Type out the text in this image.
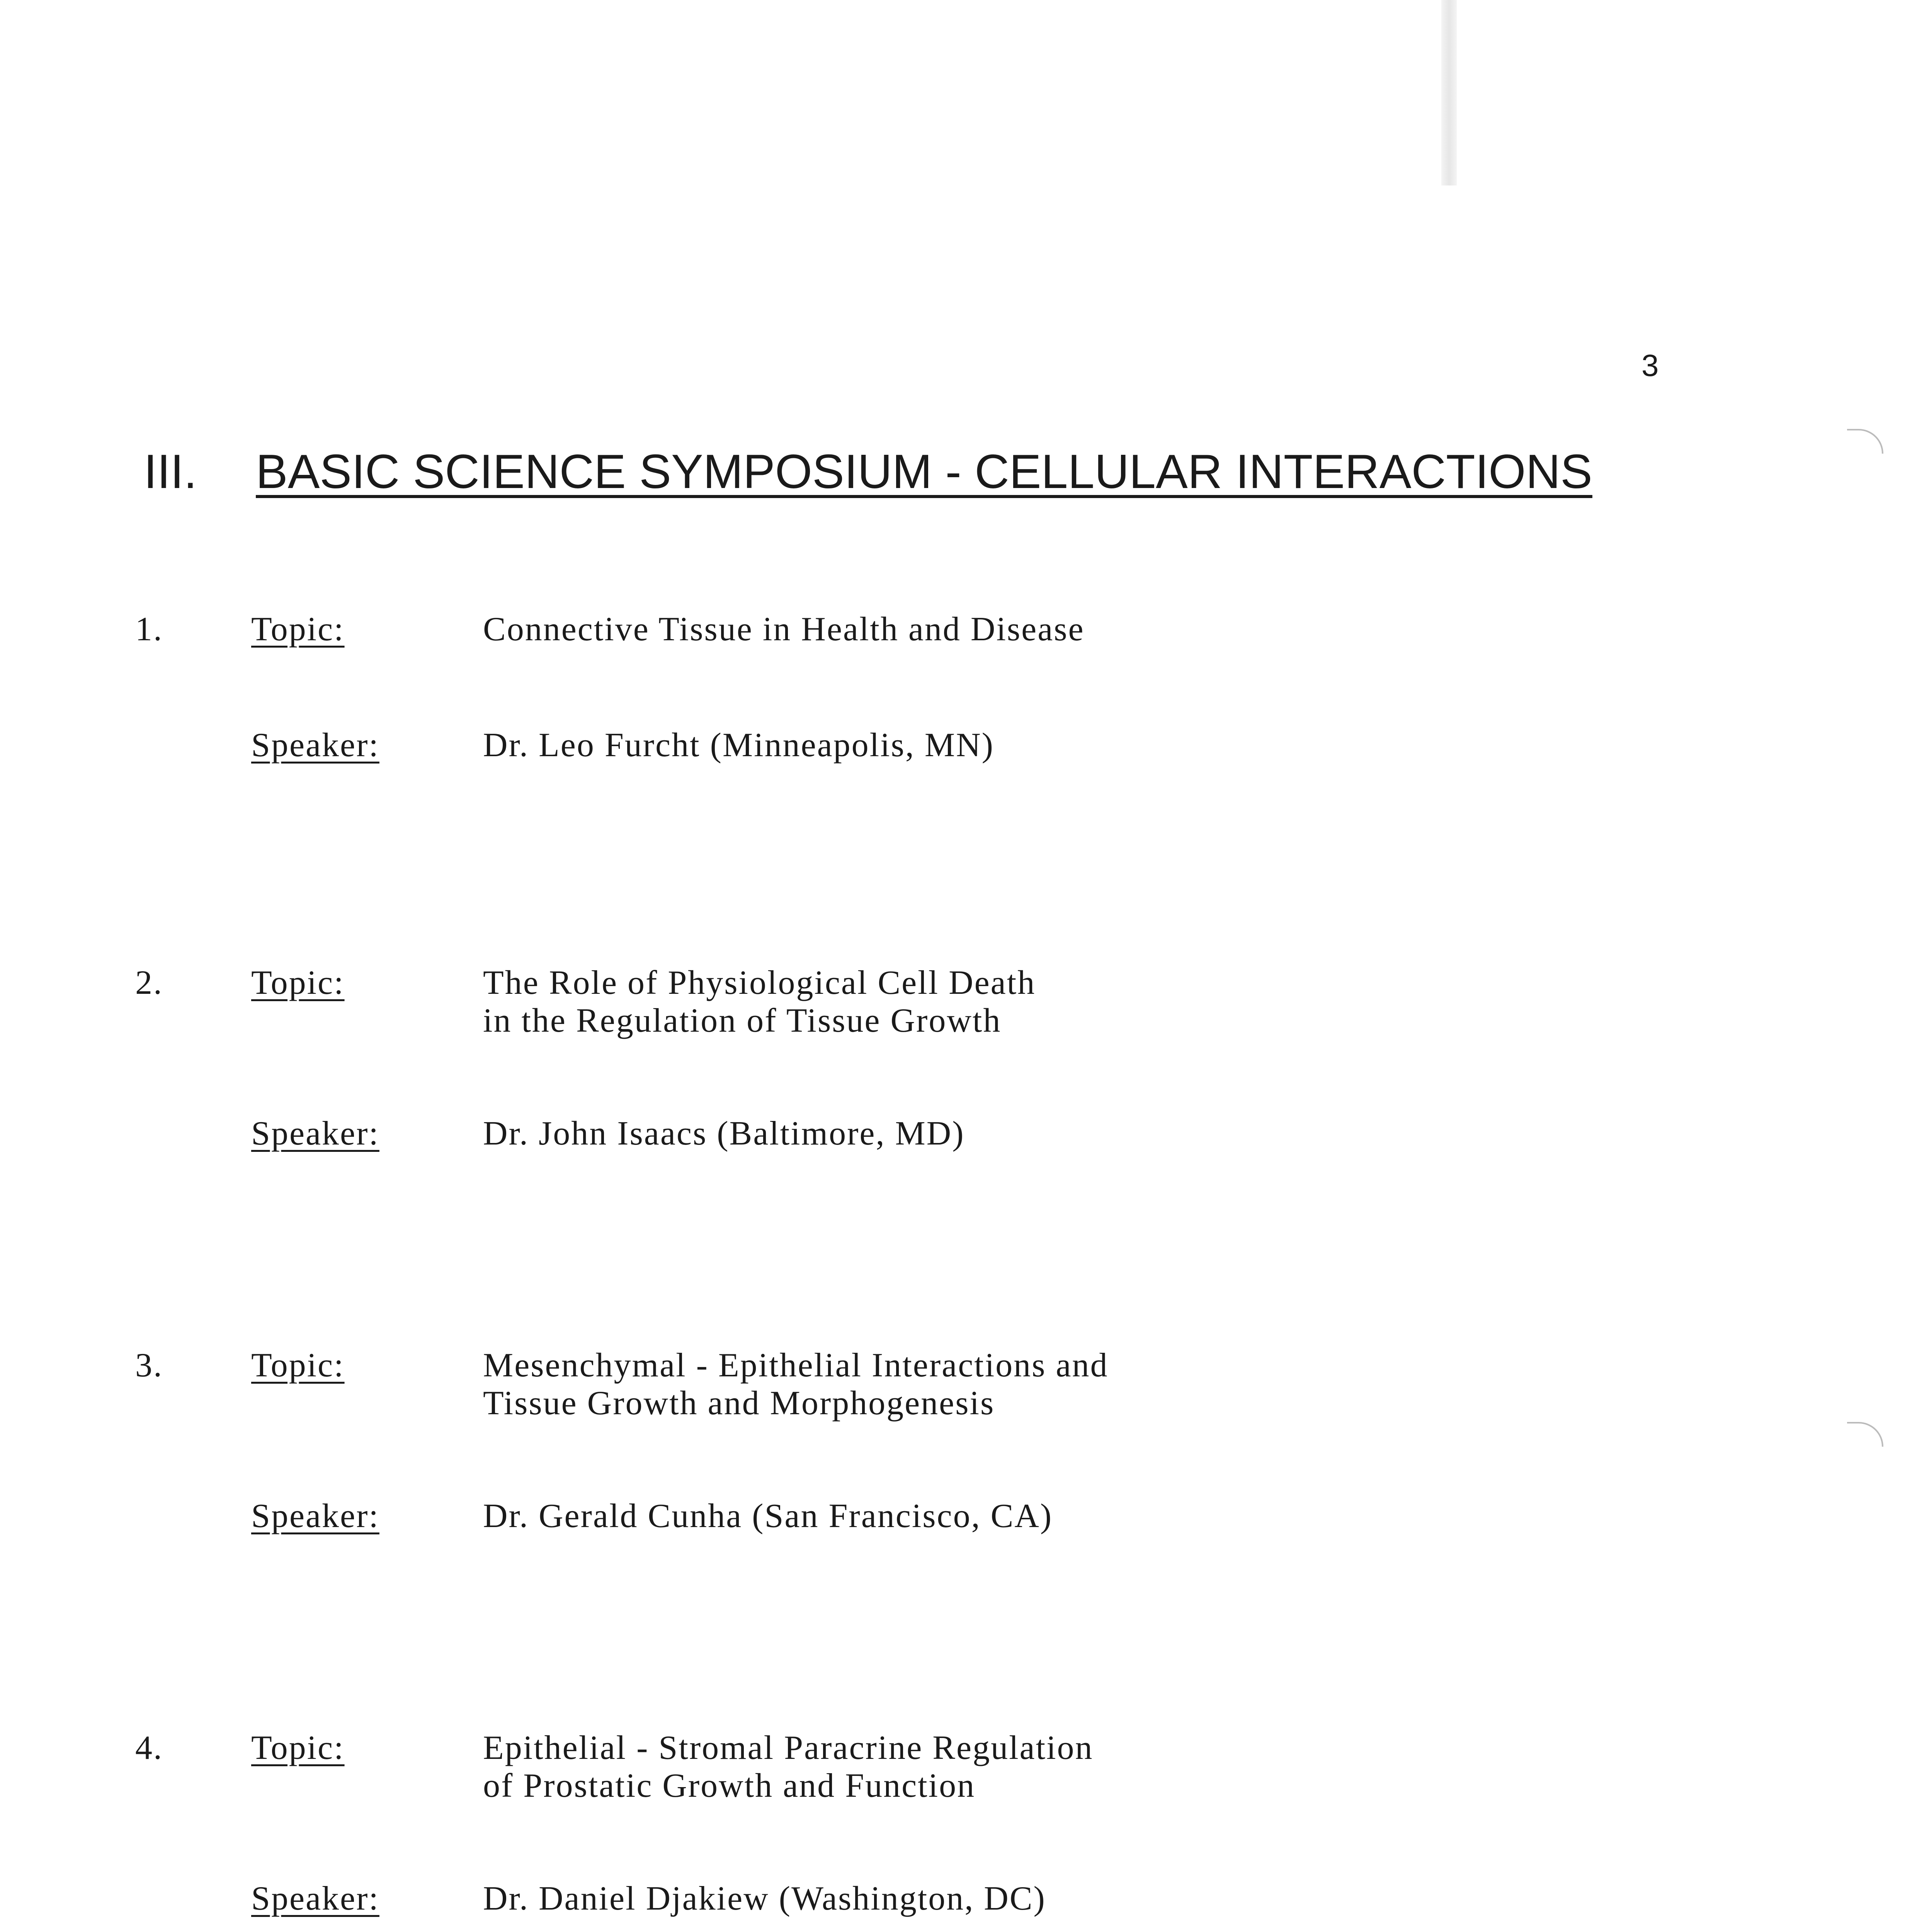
3
III. BASIC SCIENCE SYMPOSIUM - CELLULAR INTERACTIONS
1.	Topic:	Connective Tissue in Health and Disease
Speaker:	Dr. Leo Furcht (Minneapolis, MN)
2.	Topic:	The Role of Physiological Cell Death
in the Regulation of Tissue Growth
Speaker:	Dr. John Isaacs (Baltimore, MD)
3.	Topic:	Mesenchymal - Epithelial Interactions and
Tissue Growth and Morphogenesis
Speaker:	Dr. Gerald Cunha (San Francisco, CA)
4.	Topic:	Epithelial - Stromal Paracrine Regulation
of Prostatic Growth and Function
Speaker:	Dr. Daniel Djakiew (Washington, DC)
